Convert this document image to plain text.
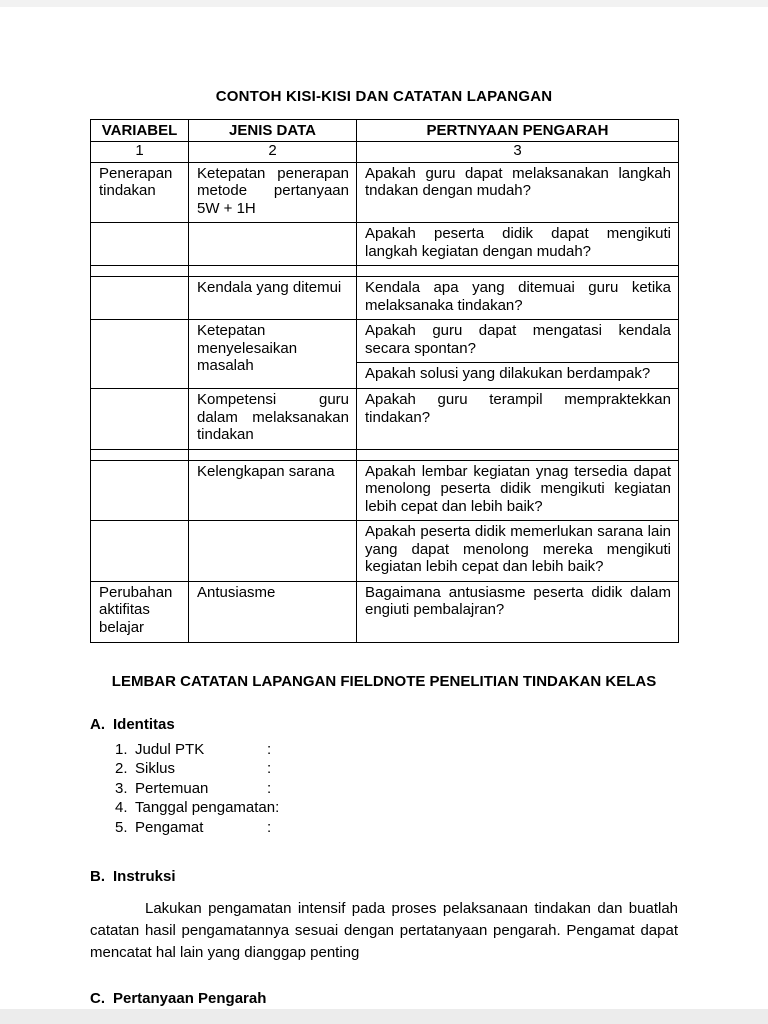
CONTOH KISI-KISI DAN CATATAN LAPANGAN
VARIABEL	JENIS DATA	PERTNYAAN PENGARAH
1	2	3
Penerapan tindakan	Ketepatan penerapan metode pertanyaan 5W + 1H	Apakah guru dapat melaksanakan langkah tndakan dengan mudah?
		Apakah peserta didik dapat mengikuti langkah kegiatan dengan mudah?

	Kendala yang ditemui	Kendala apa yang ditemuai guru ketika melaksanaka tindakan?
	Ketepatan menyelesaikan masalah	Apakah guru dapat mengatasi kendala secara spontan?
		Apakah solusi yang dilakukan berdampak?
	Kompetensi guru dalam melaksanakan tindakan	Apakah guru terampil mempraktekkan tindakan?

	Kelengkapan sarana	Apakah lembar kegiatan ynag tersedia dapat menolong peserta didik mengikuti kegiatan lebih cepat dan lebih baik?
		Apakah peserta didik memerlukan sarana lain yang dapat menolong mereka mengikuti kegiatan lebih cepat dan lebih baik?
Perubahan aktifitas belajar	Antusiasme	Bagaimana antusiasme peserta didik dalam engiuti pembalajran?
LEMBAR CATATAN LAPANGAN FIELDNOTE PENELITIAN TINDAKAN KELAS
A. Identitas
1. Judul PTK	:
2. Siklus	:
3. Pertemuan	:
4. Tanggal pengamatan :
5. Pengamat	:
B. Instruksi
Lakukan pengamatan intensif pada proses pelaksanaan tindakan dan buatlah catatan hasil pengamatannya sesuai dengan pertatanyaan pengarah. Pengamat dapat mencatat hal lain yang dianggap penting
C. Pertanyaan Pengarah
